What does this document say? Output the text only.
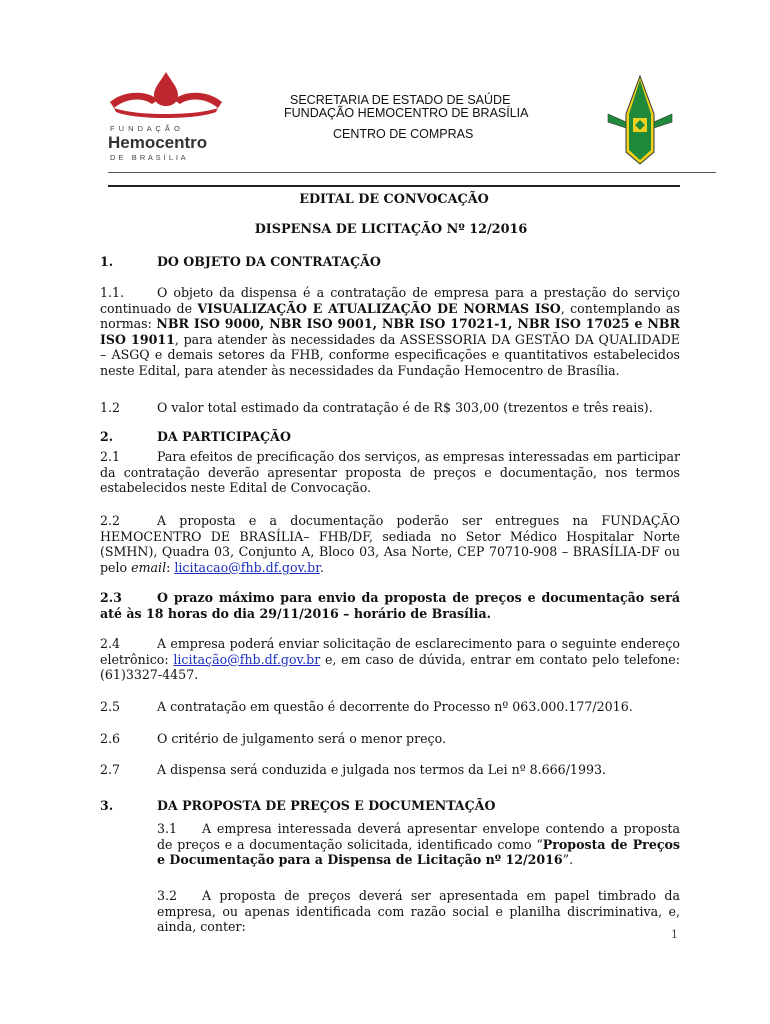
F U N D A Ç Ã O
Hemocentro
D E   B R A S Í L I A
SECRETARIA DE ESTADO DE SAÚDE
FUNDAÇÃO HEMOCENTRO DE BRASÍLIA
CENTRO DE COMPRAS
EDITAL DE CONVOCAÇÃO
DISPENSA DE LICITAÇÃO Nº 12/2016
1.	DO OBJETO DA CONTRATAÇÃO
1.1.	O objeto da dispensa é a contratação de empresa para a prestação do serviço continuado de VISUALIZAÇÃO E ATUALIZAÇÃO DE NORMAS ISO, contemplando as normas: NBR ISO 9000, NBR ISO 9001, NBR ISO 17021-1, NBR ISO 17025 e NBR ISO 19011, para atender às necessidades da ASSESSORIA DA GESTÃO DA QUALIDADE – ASGQ e demais setores da FHB, conforme especificações e quantitativos estabelecidos neste Edital, para atender às necessidades da Fundação Hemocentro de Brasília.
1.2	O valor total estimado da contratação é de R$ 303,00 (trezentos e três reais).
2.	DA PARTICIPAÇÃO
2.1	Para efeitos de precificação dos serviços, as empresas interessadas em participar da contratação deverão apresentar proposta de preços e documentação, nos termos estabelecidos neste Edital de Convocação.
2.2	A proposta e a documentação poderão ser entregues na FUNDAÇÃO HEMOCENTRO DE BRASÍLIA– FHB/DF, sediada no Setor Médico Hospitalar Norte (SMHN), Quadra 03, Conjunto A, Bloco 03, Asa Norte, CEP 70710-908 – BRASÍLIA-DF ou pelo email: licitacao@fhb.df.gov.br.
2.3	O prazo máximo para envio da proposta de preços e documentação será até às 18 horas do dia 29/11/2016 – horário de Brasília.
2.4	A empresa poderá enviar solicitação de esclarecimento para o seguinte endereço eletrônico: licitação@fhb.df.gov.br e, em caso de dúvida, entrar em contato pelo telefone: (61)3327-4457.
2.5	A contratação em questão é decorrente do Processo nº 063.000.177/2016.
2.6	O critério de julgamento será o menor preço.
2.7	A dispensa será conduzida e julgada nos termos da Lei nº 8.666/1993.
3.	DA PROPOSTA DE PREÇOS E DOCUMENTAÇÃO
3.1	A empresa interessada deverá apresentar envelope contendo a proposta de preços e a documentação solicitada, identificado como “Proposta de Preços e Documentação para a Dispensa de Licitação nº 12/2016”.
3.2	A proposta de preços deverá ser apresentada em papel timbrado da empresa, ou apenas identificada com razão social e planilha discriminativa, e, ainda, conter:
1
